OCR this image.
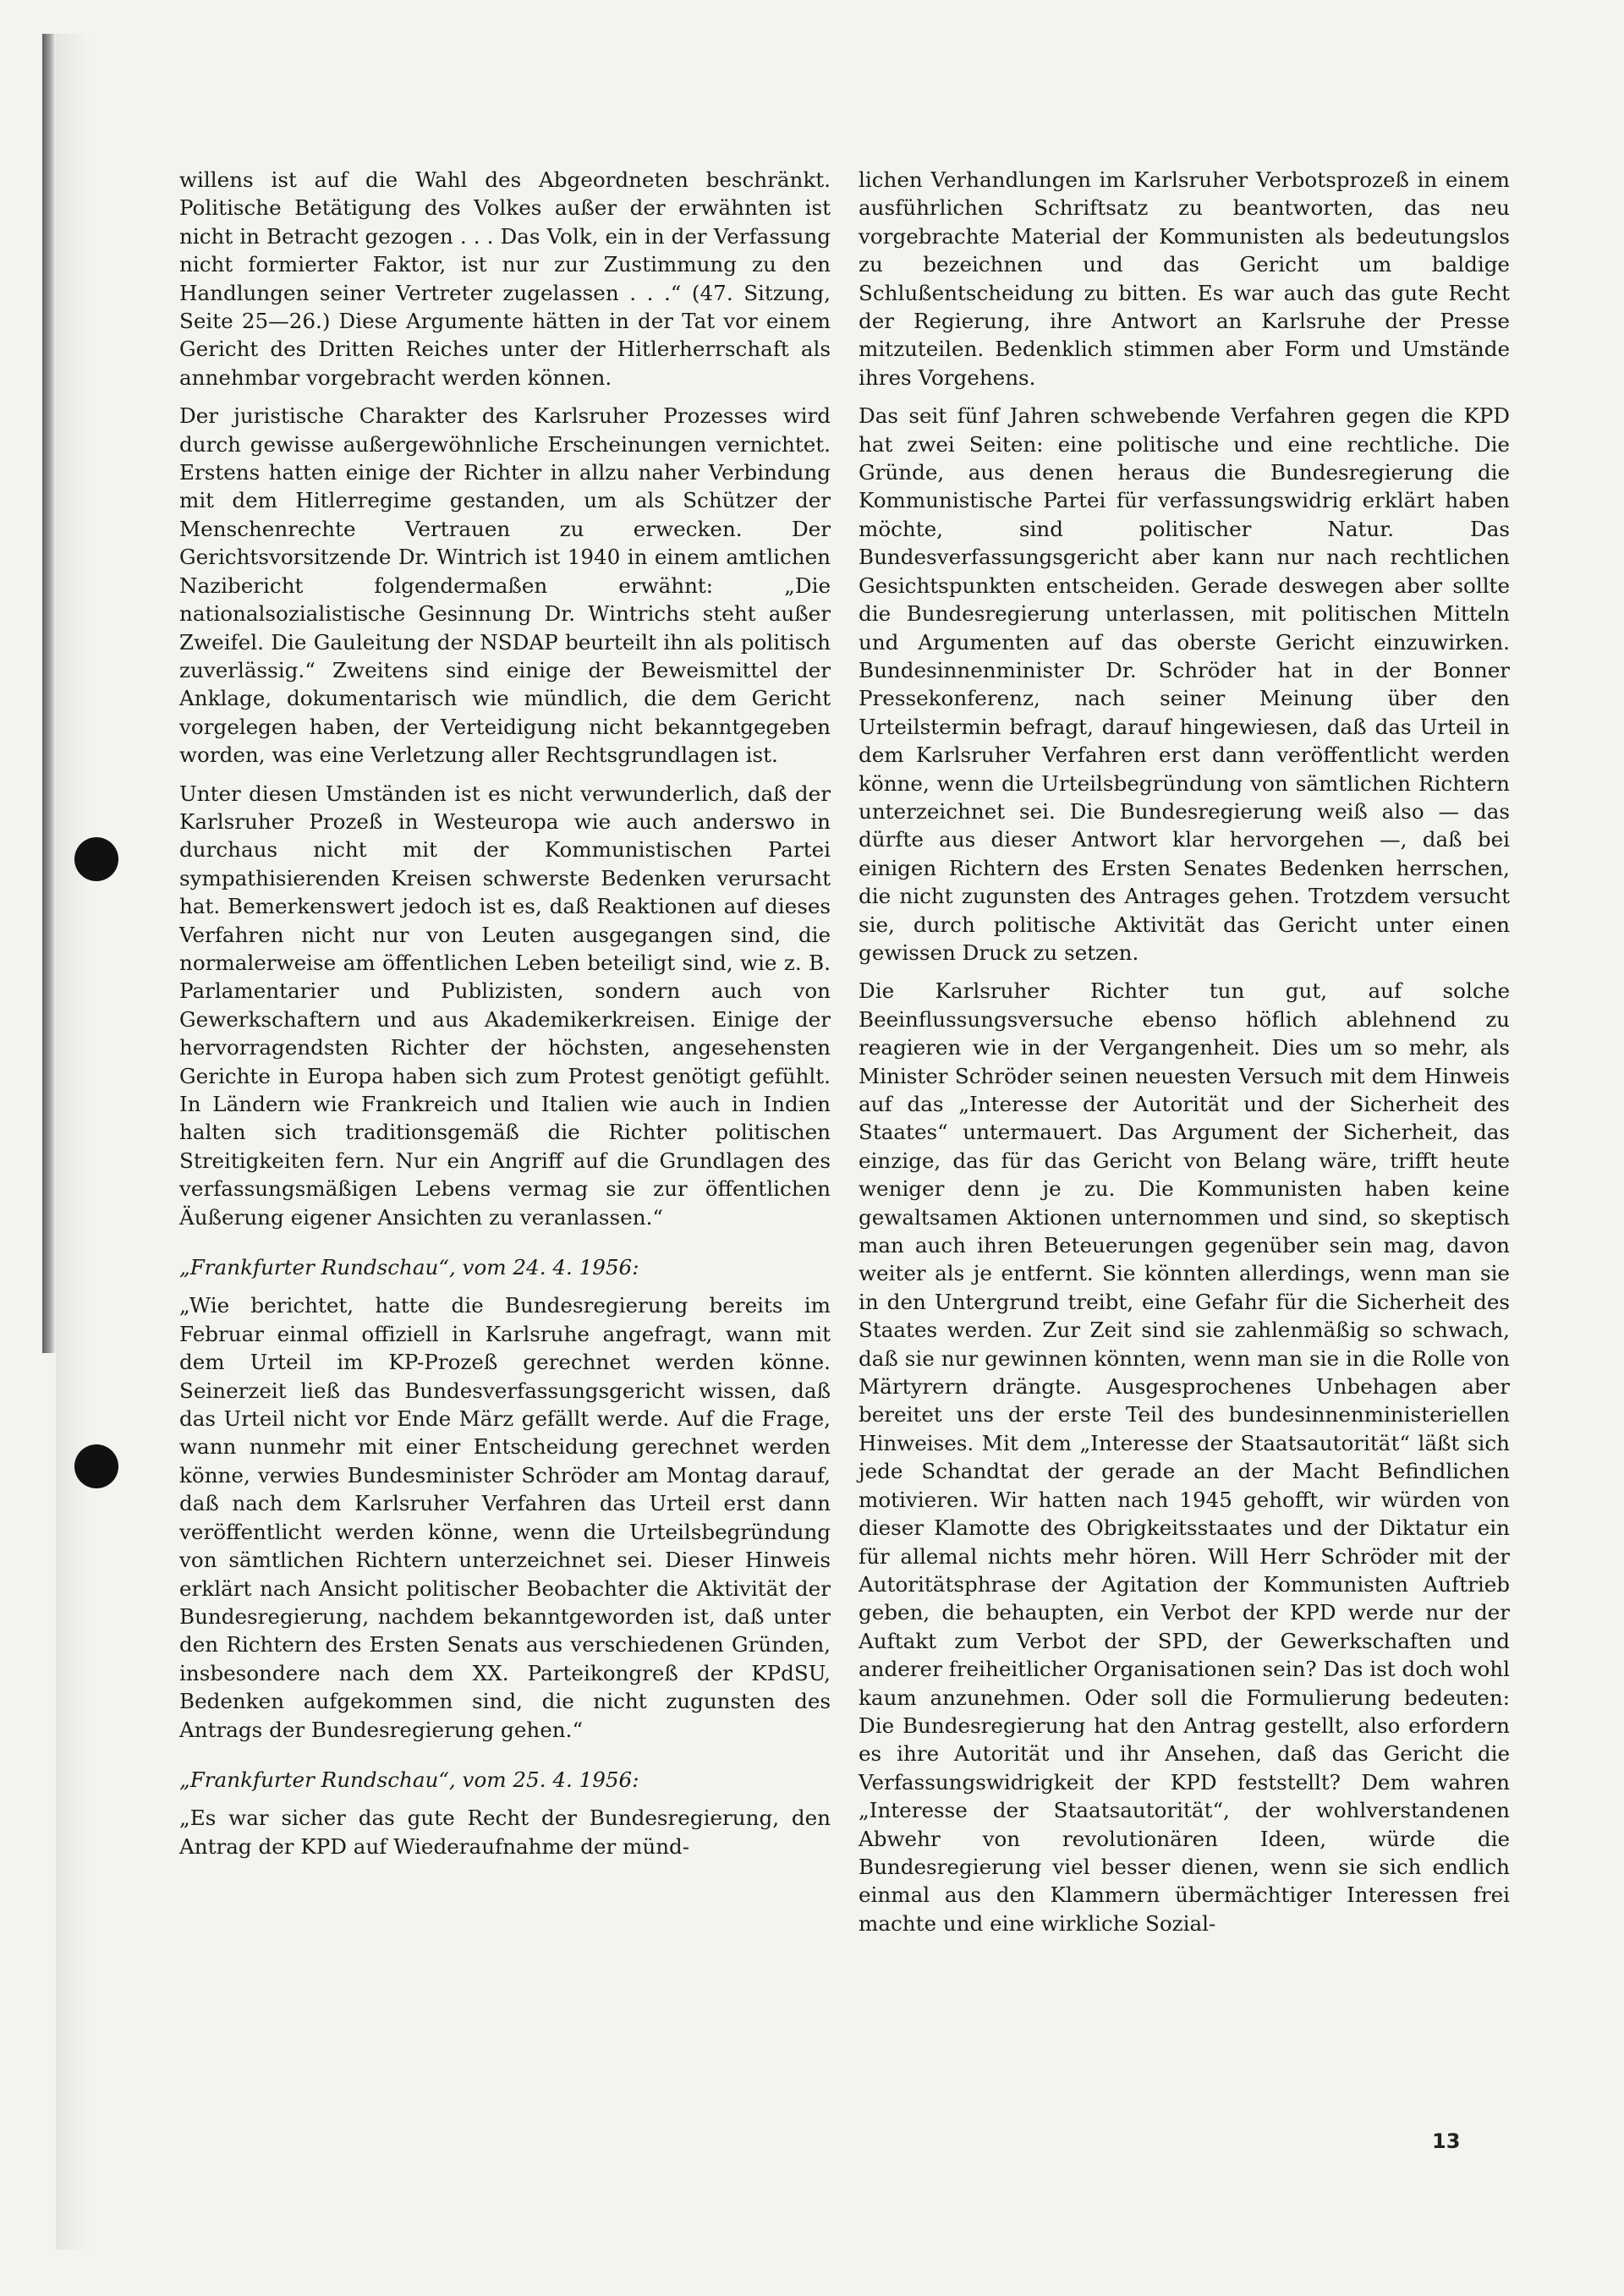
willens ist auf die Wahl des Abgeordneten beschränkt. Politische Betätigung des Volkes außer der erwähnten ist nicht in Betracht gezogen . . . Das Volk, ein in der Verfassung nicht formierter Faktor, ist nur zur Zustimmung zu den Handlungen seiner Vertreter zugelassen . . .“ (47. Sitzung, Seite 25—26.) Diese Argumente hätten in der Tat vor einem Gericht des Dritten Reiches unter der Hitlerherrschaft als annehmbar vorgebracht werden können.

Der juristische Charakter des Karlsruher Prozesses wird durch gewisse außergewöhnliche Erscheinungen vernichtet. Erstens hatten einige der Richter in allzu naher Verbindung mit dem Hitlerregime gestanden, um als Schützer der Menschenrechte Vertrauen zu erwecken. Der Gerichtsvorsitzende Dr. Wintrich ist 1940 in einem amtlichen Nazibericht folgendermaßen erwähnt: „Die nationalsozialistische Gesinnung Dr. Wintrichs steht außer Zweifel. Die Gauleitung der NSDAP beurteilt ihn als politisch zuverlässig.“ Zweitens sind einige der Beweismittel der Anklage, dokumentarisch wie mündlich, die dem Gericht vorgelegen haben, der Verteidigung nicht bekanntgegeben worden, was eine Verletzung aller Rechtsgrundlagen ist.

Unter diesen Umständen ist es nicht verwunderlich, daß der Karlsruher Prozeß in Westeuropa wie auch anderswo in durchaus nicht mit der Kommunistischen Partei sympathisierenden Kreisen schwerste Bedenken verursacht hat. Bemerkenswert jedoch ist es, daß Reaktionen auf dieses Verfahren nicht nur von Leuten ausgegangen sind, die normalerweise am öffentlichen Leben beteiligt sind, wie z. B. Parlamentarier und Publizisten, sondern auch von Gewerkschaftern und aus Akademikerkreisen. Einige der hervorragendsten Richter der höchsten, angesehensten Gerichte in Europa haben sich zum Protest genötigt gefühlt. In Ländern wie Frankreich und Italien wie auch in Indien halten sich traditionsgemäß die Richter politischen Streitigkeiten fern. Nur ein Angriff auf die Grundlagen des verfassungsmäßigen Lebens vermag sie zur öffentlichen Äußerung eigener Ansichten zu veranlassen.“

„Frankfurter Rundschau“, vom 24. 4. 1956:

„Wie berichtet, hatte die Bundesregierung bereits im Februar einmal offiziell in Karlsruhe angefragt, wann mit dem Urteil im KP-Prozeß gerechnet werden könne. Seinerzeit ließ das Bundesverfassungsgericht wissen, daß das Urteil nicht vor Ende März gefällt werde. Auf die Frage, wann nunmehr mit einer Entscheidung gerechnet werden könne, verwies Bundesminister Schröder am Montag darauf, daß nach dem Karlsruher Verfahren das Urteil erst dann veröffentlicht werden könne, wenn die Urteilsbegründung von sämtlichen Richtern unterzeichnet sei. Dieser Hinweis erklärt nach Ansicht politischer Beobachter die Aktivität der Bundesregierung, nachdem bekanntgeworden ist, daß unter den Richtern des Ersten Senats aus verschiedenen Gründen, insbesondere nach dem XX. Parteikongreß der KPdSU, Bedenken aufgekommen sind, die nicht zugunsten des Antrags der Bundesregierung gehen.“

„Frankfurter Rundschau“, vom 25. 4. 1956:

„Es war sicher das gute Recht der Bundesregierung, den Antrag der KPD auf Wiederaufnahme der münd-

lichen Verhandlungen im Karlsruher Verbotsprozeß in einem ausführlichen Schriftsatz zu beantworten, das neu vorgebrachte Material der Kommunisten als bedeutungslos zu bezeichnen und das Gericht um baldige Schlußentscheidung zu bitten. Es war auch das gute Recht der Regierung, ihre Antwort an Karlsruhe der Presse mitzuteilen. Bedenklich stimmen aber Form und Umstände ihres Vorgehens.

Das seit fünf Jahren schwebende Verfahren gegen die KPD hat zwei Seiten: eine politische und eine rechtliche. Die Gründe, aus denen heraus die Bundesregierung die Kommunistische Partei für verfassungswidrig erklärt haben möchte, sind politischer Natur. Das Bundesverfassungsgericht aber kann nur nach rechtlichen Gesichtspunkten entscheiden. Gerade deswegen aber sollte die Bundesregierung unterlassen, mit politischen Mitteln und Argumenten auf das oberste Gericht einzuwirken. Bundesinnenminister Dr. Schröder hat in der Bonner Pressekonferenz, nach seiner Meinung über den Urteilstermin befragt, darauf hingewiesen, daß das Urteil in dem Karlsruher Verfahren erst dann veröffentlicht werden könne, wenn die Urteilsbegründung von sämtlichen Richtern unterzeichnet sei. Die Bundesregierung weiß also — das dürfte aus dieser Antwort klar hervorgehen —, daß bei einigen Richtern des Ersten Senates Bedenken herrschen, die nicht zugunsten des Antrages gehen. Trotzdem versucht sie, durch politische Aktivität das Gericht unter einen gewissen Druck zu setzen.

Die Karlsruher Richter tun gut, auf solche Beeinflussungsversuche ebenso höflich ablehnend zu reagieren wie in der Vergangenheit. Dies um so mehr, als Minister Schröder seinen neuesten Versuch mit dem Hinweis auf das „Interesse der Autorität und der Sicherheit des Staates“ untermauert. Das Argument der Sicherheit, das einzige, das für das Gericht von Belang wäre, trifft heute weniger denn je zu. Die Kommunisten haben keine gewaltsamen Aktionen unternommen und sind, so skeptisch man auch ihren Beteuerungen gegenüber sein mag, davon weiter als je entfernt. Sie könnten allerdings, wenn man sie in den Untergrund treibt, eine Gefahr für die Sicherheit des Staates werden. Zur Zeit sind sie zahlenmäßig so schwach, daß sie nur gewinnen könnten, wenn man sie in die Rolle von Märtyrern drängte. Ausgesprochenes Unbehagen aber bereitet uns der erste Teil des bundesinnenministeriellen Hinweises. Mit dem „Interesse der Staatsautorität“ läßt sich jede Schandtat der gerade an der Macht Befindlichen motivieren. Wir hatten nach 1945 gehofft, wir würden von dieser Klamotte des Obrigkeitsstaates und der Diktatur ein für allemal nichts mehr hören. Will Herr Schröder mit der Autoritätsphrase der Agitation der Kommunisten Auftrieb geben, die behaupten, ein Verbot der KPD werde nur der Auftakt zum Verbot der SPD, der Gewerkschaften und anderer freiheitlicher Organisationen sein? Das ist doch wohl kaum anzunehmen. Oder soll die Formulierung bedeuten: Die Bundesregierung hat den Antrag gestellt, also erfordern es ihre Autorität und ihr Ansehen, daß das Gericht die Verfassungswidrigkeit der KPD feststellt? Dem wahren „Interesse der Staatsautorität“, der wohlverstandenen Abwehr von revolutionären Ideen, würde die Bundesregierung viel besser dienen, wenn sie sich endlich einmal aus den Klammern übermächtiger Interessen frei machte und eine wirkliche Sozial-

13
